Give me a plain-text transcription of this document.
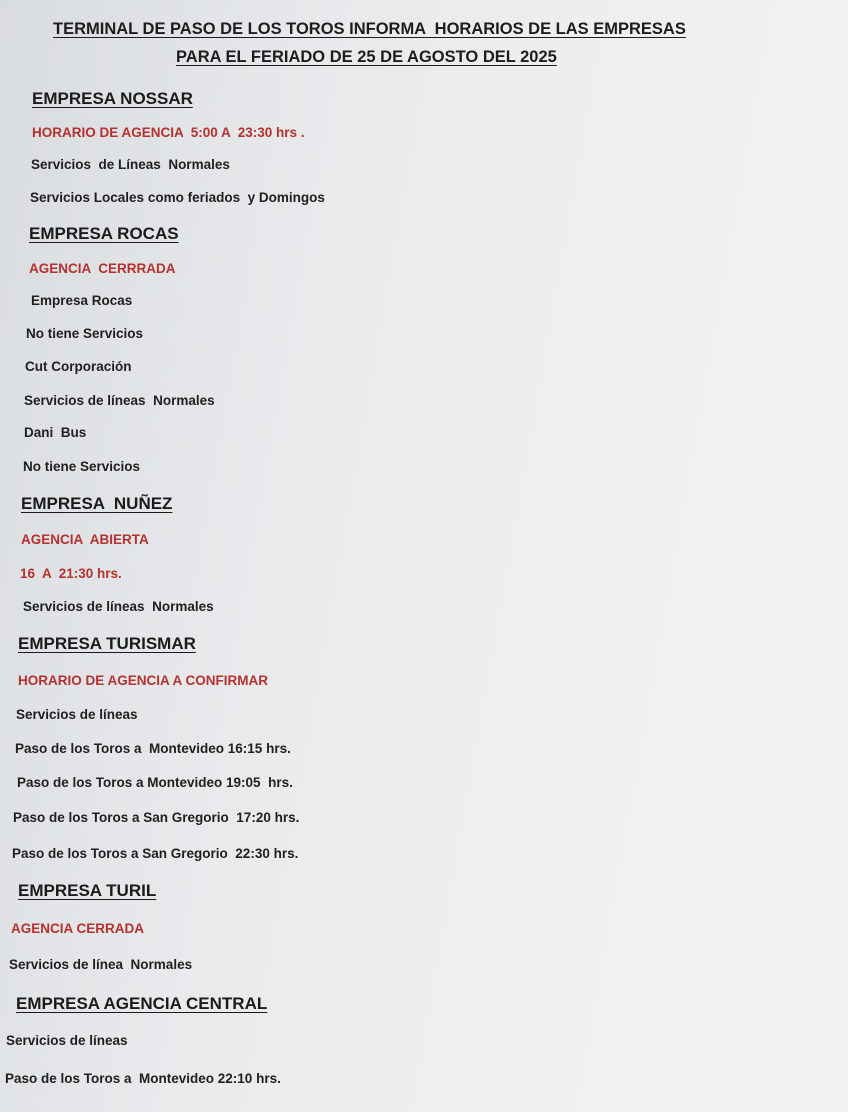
TERMINAL DE PASO DE LOS TOROS INFORMA  HORARIOS DE LAS EMPRESAS
PARA EL FERIADO DE 25 DE AGOSTO DEL 2025
EMPRESA NOSSAR
HORARIO DE AGENCIA  5:00 A  23:30 hrs .
Servicios  de Líneas  Normales
Servicios Locales como feriados  y Domingos
EMPRESA ROCAS
AGENCIA  CERRRADA
Empresa Rocas
No tiene Servicios
Cut Corporación
Servicios de líneas  Normales
Dani  Bus
No tiene Servicios
EMPRESA  NUÑEZ
AGENCIA  ABIERTA
16  A  21:30 hrs.
Servicios de líneas  Normales
EMPRESA TURISMAR
HORARIO DE AGENCIA A CONFIRMAR
Servicios de líneas
Paso de los Toros a  Montevideo 16:15 hrs.
Paso de los Toros a Montevideo 19:05  hrs.
Paso de los Toros a San Gregorio  17:20 hrs.
Paso de los Toros a San Gregorio  22:30 hrs.
EMPRESA TURIL
AGENCIA CERRADA
Servicios de línea  Normales
EMPRESA AGENCIA CENTRAL
Servicios de líneas
Paso de los Toros a  Montevideo 22:10 hrs.
